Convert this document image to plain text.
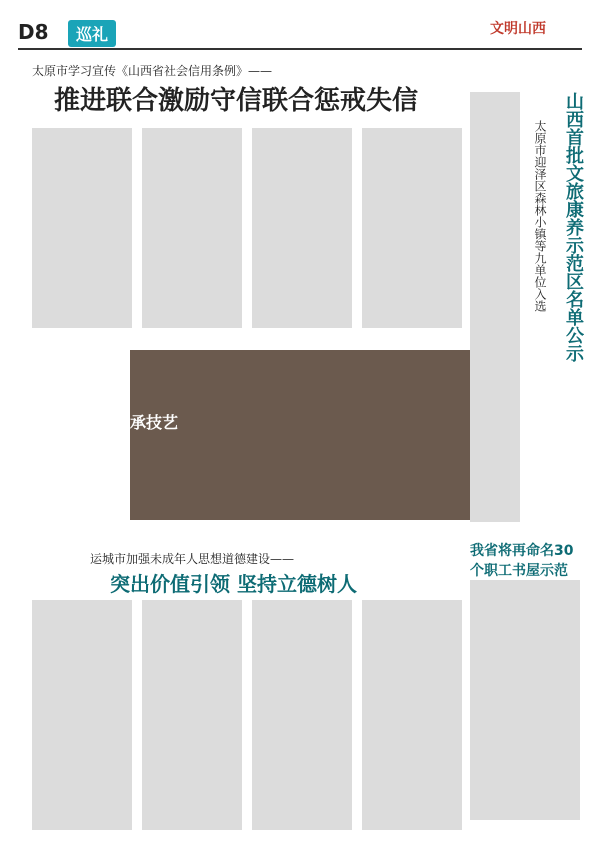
D8	巡礼	文明山西
太原市学习宣传《山西省社会信用条例》——
推进联合激励守信联合惩戒失信
巧手匠心传承技艺
山西首批文旅康养示范区名单公示
太原市迎泽区森林小镇等九单位入选
我省将再命名30个职工书屋示范
运城市加强未成年人思想道德建设——
突出价值引领 坚持立德树人
